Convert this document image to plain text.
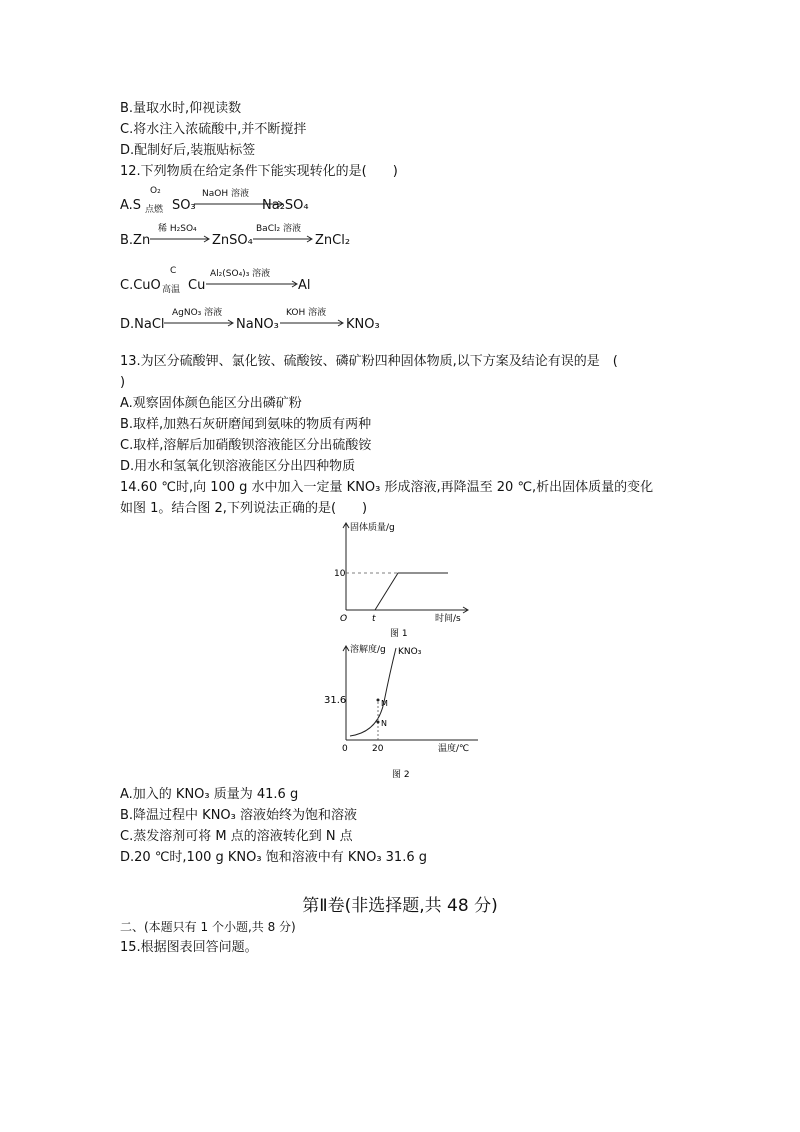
B.量取水时,仰视读数
C.将水注入浓硫酸中,并不断搅拌
D.配制好后,装瓶贴标签
12.下列物质在给定条件下能实现转化的是(　　)
A.S
O₂
点燃 SO₃
NaOH 溶液
Na₂SO₄
B.Zn
稀 H₂SO₄
ZnSO₄
BaCl₂ 溶液
ZnCl₂
C.CuO
C
高温 Cu
Al₂(SO₄)₃ 溶液
Al
D.NaCl
AgNO₃ 溶液
NaNO₃
KOH 溶液
KNO₃
13.为区分硫酸钾、氯化铵、硫酸铵、磷矿粉四种固体物质,以下方案及结论有误的是　(
)
A.观察固体颜色能区分出磷矿粉
B.取样,加熟石灰研磨闻到氨味的物质有两种
C.取样,溶解后加硝酸钡溶液能区分出硫酸铵
D.用水和氢氧化钡溶液能区分出四种物质
14.60 ℃时,向 100 g 水中加入一定量 KNO₃ 形成溶液,再降温至 20 ℃,析出固体质量的变化
如图 1。结合图 2,下列说法正确的是(　　)
固体质量/g
10
O	t	时间/s
图 1
溶解度/g KNO₃
31.6	M
N
0	20	温度/℃
图 2
A.加入的 KNO₃ 质量为 41.6 g
B.降温过程中 KNO₃ 溶液始终为饱和溶液
C.蒸发溶剂可将 M 点的溶液转化到 N 点
D.20 ℃时,100 g KNO₃ 饱和溶液中有 KNO₃ 31.6 g
第Ⅱ卷(非选择题,共 48 分)
二、(本题只有 1 个小题,共 8 分)
15.根据图表回答问题。
